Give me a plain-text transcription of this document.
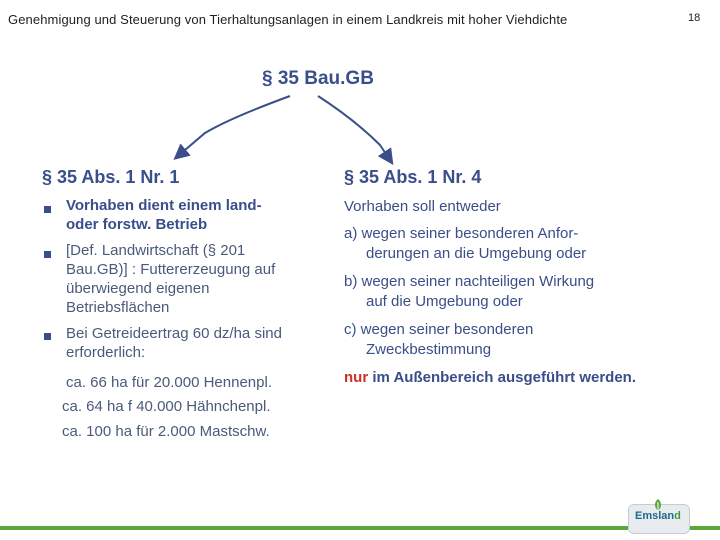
Genehmigung und Steuerung von Tierhaltungsanlagen in einem Landkreis mit hoher Viehdichte	18
§ 35 Bau.GB
§ 35 Abs. 1 Nr. 1
Vorhaben dient einem land-
oder forstw. Betrieb
[Def. Landwirtschaft (§ 201
Bau.GB)] : Futtererzeugung auf
überwiegend eigenen
Betriebsflächen
Bei Getreideertrag 60 dz/ha sind
erforderlich:
ca. 66 ha für 20.000 Hennenpl.
ca. 64 ha f 40.000 Hähnchenpl.
ca. 100 ha für 2.000 Mastschw.
§ 35 Abs. 1 Nr. 4
Vorhaben soll entweder
a) wegen seiner besonderen Anfor-
derungen an die Umgebung oder
b) wegen seiner nachteiligen Wirkung
auf die Umgebung oder
c) wegen seiner besonderen
Zweckbestimmung
nur im Außenbereich ausgeführt werden.
Emsland
